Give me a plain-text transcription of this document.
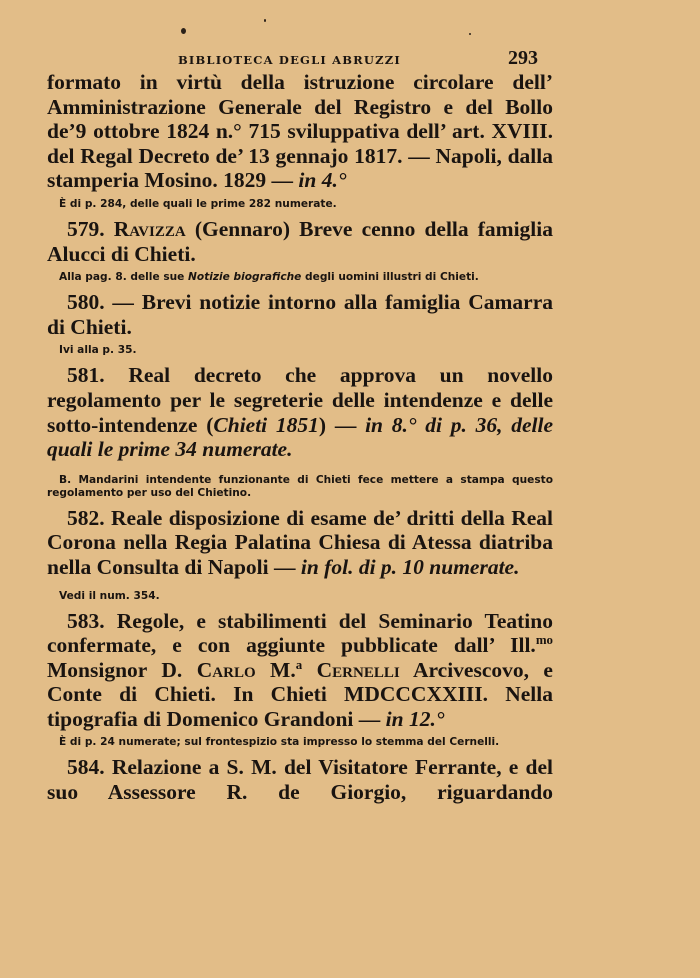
BIBLIOTECA DEGLI ABRUZZI	293

formato in virtù della istruzione circolare dell’ Amministrazione Generale del Registro e del Bollo de’9 ottobre 1824 n.° 715 sviluppativa dell’ art. XVIII. del Regal Decreto de’ 13 gennajo 1817. — Napoli, dalla stamperia Mosino. 1829 — in 4.°

È di p. 284, delle quali le prime 282 numerate.

579. Ravizza (Gennaro) Breve cenno della famiglia Alucci di Chieti.

Alla pag. 8. delle sue Notizie biografiche degli uomini illustri di Chieti.

580. — Brevi notizie intorno alla famiglia Camarra di Chieti.

Ivi alla p. 35.

581. Real decreto che approva un novello regolamento per le segreterie delle intendenze e delle sotto-intendenze (Chieti 1851) — in 8.° di p. 36, delle quali le prime 34 numerate.

B. Mandarini intendente funzionante di Chieti fece mettere a stampa questo regolamento per uso del Chietino.

582. Reale disposizione di esame de’ dritti della Real Corona nella Regia Palatina Chiesa di Atessa diatriba nella Consulta di Napoli — in fol. di p. 10 numerate.

Vedi il num. 354.

583. Regole, e stabilimenti del Seminario Teatino confermate, e con aggiunte pubblicate dall’ Ill.$^{mo}$ Monsignor D. Carlo M.$^a$ Cernelli Arcivescovo, e Conte di Chieti. In Chieti MDCCCXXIII. Nella tipografia di Domenico Grandoni — in 12.°

È di p. 24 numerate; sul frontespizio sta impresso lo stemma del Cernelli.

584. Relazione a S. M. del Visitatore Ferrante, e del suo Assessore R. de Giorgio, riguardando
